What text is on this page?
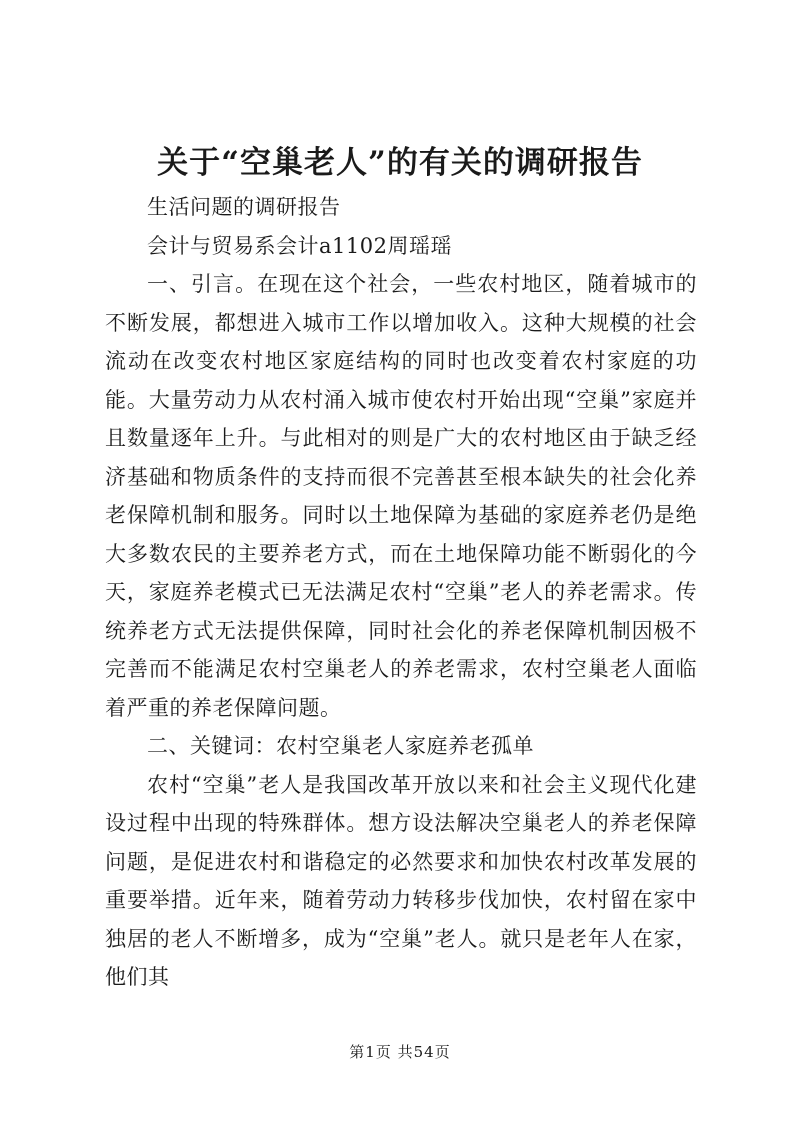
关于“空巢老人”的有关的调研报告

生活问题的调研报告

会计与贸易系会计a1102周瑶瑶

一、引言。在现在这个社会，一些农村地区，随着城市的不断发展，都想进入城市工作以增加收入。这种大规模的社会流动在改变农村地区家庭结构的同时也改变着农村家庭的功能。大量劳动力从农村涌入城市使农村开始出现“空巢”家庭并且数量逐年上升。与此相对的则是广大的农村地区由于缺乏经济基础和物质条件的支持而很不完善甚至根本缺失的社会化养老保障机制和服务。同时以土地保障为基础的家庭养老仍是绝大多数农民的主要养老方式，而在土地保障功能不断弱化的今天，家庭养老模式已无法满足农村“空巢”老人的养老需求。传统养老方式无法提供保障，同时社会化的养老保障机制因极不完善而不能满足农村空巢老人的养老需求，农村空巢老人面临着严重的养老保障问题。

二、关键词：农村空巢老人家庭养老孤单

农村“空巢”老人是我国改革开放以来和社会主义现代化建设过程中出现的特殊群体。想方设法解决空巢老人的养老保障问题，是促进农村和谐稳定的必然要求和加快农村改革发展的重要举措。近年来，随着劳动力转移步伐加快，农村留在家中独居的老人不断增多，成为“空巢”老人。就只是老年人在家，他们其

第1页 共54页
